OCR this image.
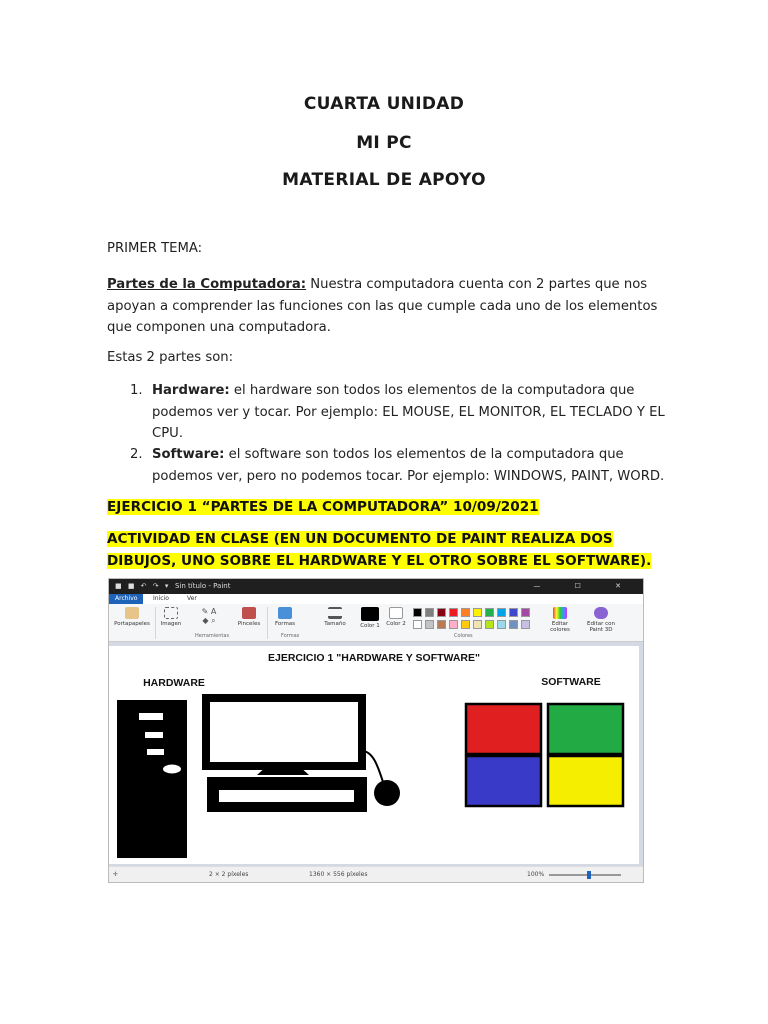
CUARTA UNIDAD
MI PC
MATERIAL DE APOYO
PRIMER TEMA:
Partes de la Computadora: Nuestra computadora cuenta con 2 partes que nos apoyan a comprender las funciones con las que cumple cada uno de los elementos que componen una computadora.
Estas 2 partes son:
1. Hardware: el hardware son todos los elementos de la computadora que podemos ver y tocar. Por ejemplo: EL MOUSE, EL MONITOR, EL TECLADO Y EL CPU.
2. Software: el software son todos los elementos de la computadora que podemos ver, pero no podemos tocar. Por ejemplo: WINDOWS, PAINT, WORD.
EJERCICIO 1 “PARTES DE LA COMPUTADORA” 10/09/2021
ACTIVIDAD EN CLASE (EN UN DOCUMENTO DE PAINT REALIZA DOS
DIBUJOS, UNO SOBRE EL HARDWARE Y EL OTRO SOBRE EL SOFTWARE).
■ ■ ↶ ↷ ▾ Sin título - Paint	— ☐ ✕
Archivo	Inicio	Ver
Portapapeles Imagen
✎ A
◆ ⌕
Herramientas
Pinceles	Formas
Formas
Tamaño	Color 1 Color 2
Colores
Editar colores
Editar con Paint 3D
EJERCICIO 1 "HARDWARE Y SOFTWARE"
HARDWARE	SOFTWARE
✛	2 × 2 píxeles	1360 × 556 píxeles	100%
